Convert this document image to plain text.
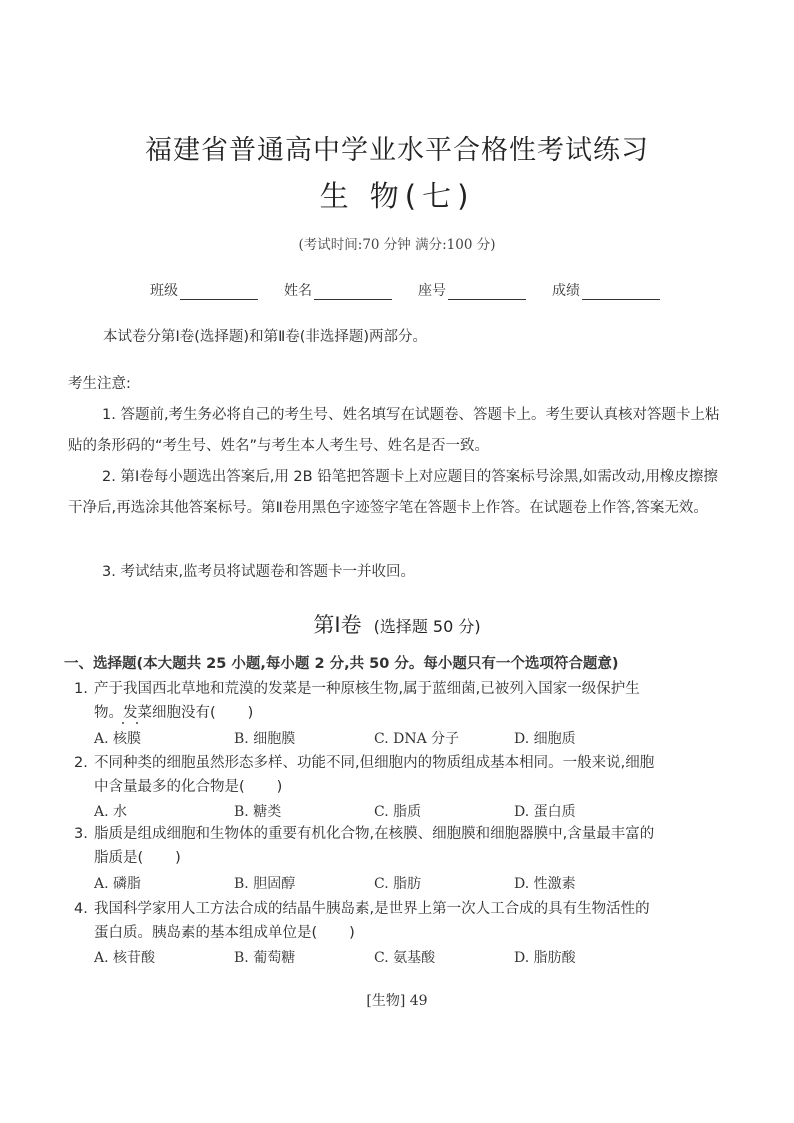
福建省普通高中学业水平合格性考试练习
生 物(七)
(考试时间:70 分钟 满分:100 分)
班级	姓名	座号	成绩
本试卷分第Ⅰ卷(选择题)和第Ⅱ卷(非选择题)两部分。
考生注意:
1. 答题前,考生务必将自己的考生号、姓名填写在试题卷、答题卡上。考生要认真核对答题卡上粘贴的条形码的“考生号、姓名”与考生本人考生号、姓名是否一致。
2. 第Ⅰ卷每小题选出答案后,用 2B 铅笔把答题卡上对应题目的答案标号涂黑,如需改动,用橡皮擦擦干净后,再选涂其他答案标号。第Ⅱ卷用黑色字迹签字笔在答题卡上作答。在试题卷上作答,答案无效。
3. 考试结束,监考员将试题卷和答题卡一并收回。
第Ⅰ卷 (选择题 50 分)
一、选择题(本大题共 25 小题,每小题 2 分,共 50 分。每小题只有一个选项符合题意)
1. 产于我国西北草地和荒漠的发菜是一种原核生物,属于蓝细菌,已被列入国家一级保护生
物。发菜细胞没有( )
A. 核膜	B. 细胞膜	C. DNA 分子	D. 细胞质
2. 不同种类的细胞虽然形态多样、功能不同,但细胞内的物质组成基本相同。一般来说,细胞
中含量最多的化合物是( )
A. 水	B. 糖类	C. 脂质	D. 蛋白质
3. 脂质是组成细胞和生物体的重要有机化合物,在核膜、细胞膜和细胞器膜中,含量最丰富的
脂质是( )
A. 磷脂	B. 胆固醇	C. 脂肪	D. 性激素
4. 我国科学家用人工方法合成的结晶牛胰岛素,是世界上第一次人工合成的具有生物活性的
蛋白质。胰岛素的基本组成单位是( )
A. 核苷酸	B. 葡萄糖	C. 氨基酸	D. 脂肪酸
[生物] 49
